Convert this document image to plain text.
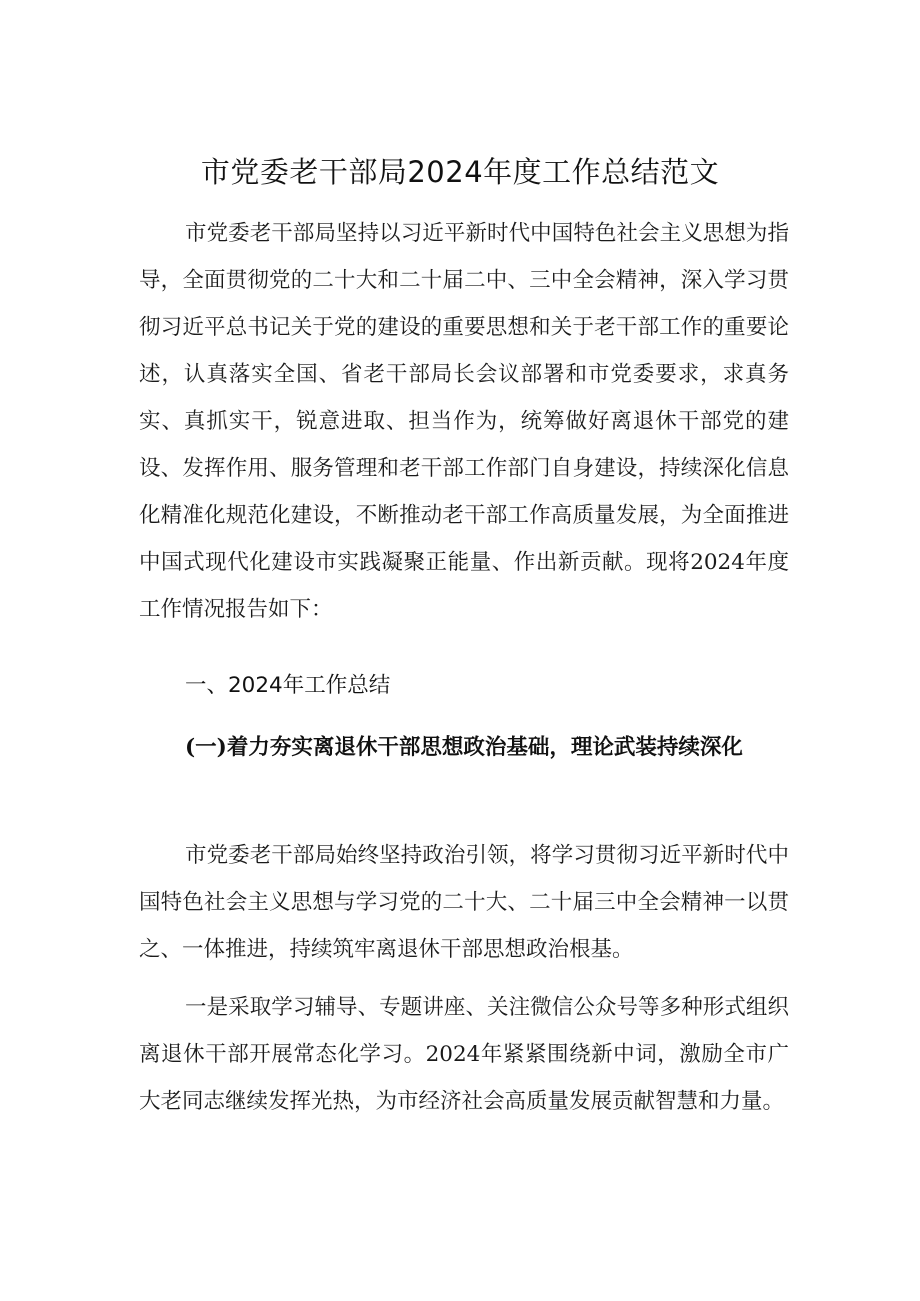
市党委老干部局2024年度工作总结范文

市党委老干部局坚持以习近平新时代中国特色社会主义思想为指导，全面贯彻党的二十大和二十届二中、三中全会精神，深入学习贯彻习近平总书记关于党的建设的重要思想和关于老干部工作的重要论述，认真落实全国、省老干部局长会议部署和市党委要求，求真务实、真抓实干，锐意进取、担当作为，统筹做好离退休干部党的建设、发挥作用、服务管理和老干部工作部门自身建设，持续深化信息化精准化规范化建设，不断推动老干部工作高质量发展，为全面推进中国式现代化建设市实践凝聚正能量、作出新贡献。现将2024年度工作情况报告如下：

一、2024年工作总结

(一)着力夯实离退休干部思想政治基础，理论武装持续深化

市党委老干部局始终坚持政治引领，将学习贯彻习近平新时代中国特色社会主义思想与学习党的二十大、二十届三中全会精神一以贯之、一体推进，持续筑牢离退休干部思想政治根基。

一是采取学习辅导、专题讲座、关注微信公众号等多种形式组织离退休干部开展常态化学习。2024年紧紧围绕新中词，激励全市广大老同志继续发挥光热，为市经济社会高质量发展贡献智慧和力量。
